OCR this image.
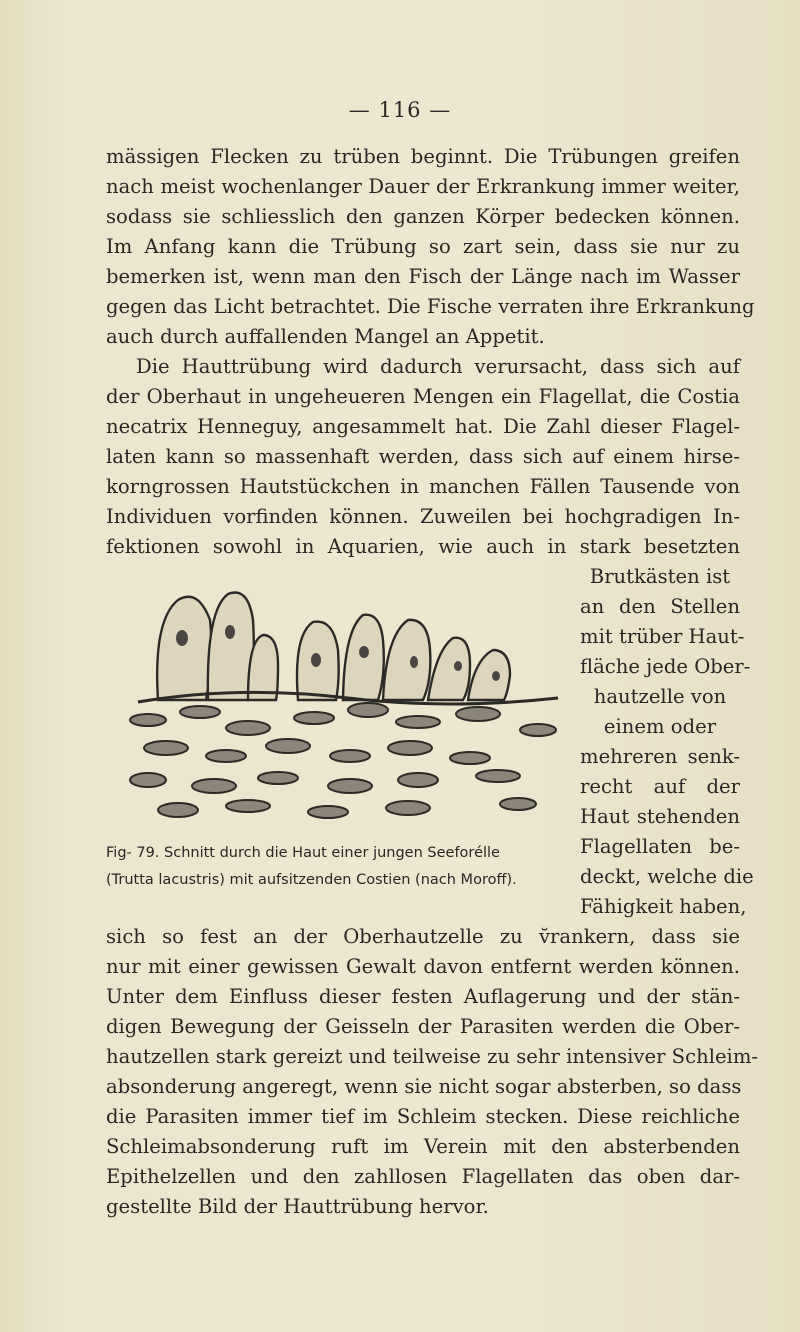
— 116 —
mässigen Flecken zu trüben beginnt. Die Trübungen greifen
nach meist wochenlanger Dauer der Erkrankung immer weiter,
sodass sie schliesslich den ganzen Körper bedecken können.
Im Anfang kann die Trübung so zart sein, dass sie nur zu
bemerken ist, wenn man den Fisch der Länge nach im Wasser
gegen das Licht betrachtet. Die Fische verraten ihre Erkrankung
auch durch auffallenden Mangel an Appetit.
Die Hauttrübung wird dadurch verursacht, dass sich auf
der Oberhaut in ungeheueren Mengen ein Flagellat, die Costia
necatrix Henneguy, angesammelt hat. Die Zahl dieser Flagel-
laten kann so massenhaft werden, dass sich auf einem hirse-
korngrossen Hautstückchen in manchen Fällen Tausende von
Individuen vorfinden können. Zuweilen bei hochgradigen In-
fektionen sowohl in Aquarien, wie auch in stark besetzten
Brutkästen ist
an den Stellen
mit trüber Haut-
fläche jede Ober-
hautzelle von
einem oder
mehreren senk-
recht auf der
Haut stehenden
Flagellaten be-
deckt, welche die
Fähigkeit haben,
Fig- 79. Schnitt durch die Haut einer jungen Seeforélle
(Trutta lacustris) mit aufsitzenden Costien (nach Moroff).
sich so fest an der Oberhautzelle zu v̆rankern, dass sie
nur mit einer gewissen Gewalt davon entfernt werden können.
Unter dem Einfluss dieser festen Auflagerung und der stän-
digen Bewegung der Geisseln der Parasiten werden die Ober-
hautzellen stark gereizt und teilweise zu sehr intensiver Schleim-
absonderung angeregt, wenn sie nicht sogar absterben, so dass
die Parasiten immer tief im Schleim stecken. Diese reichliche
Schleimabsonderung ruft im Verein mit den absterbenden
Epithelzellen und den zahllosen Flagellaten das oben dar-
gestellte Bild der Hauttrübung hervor.
